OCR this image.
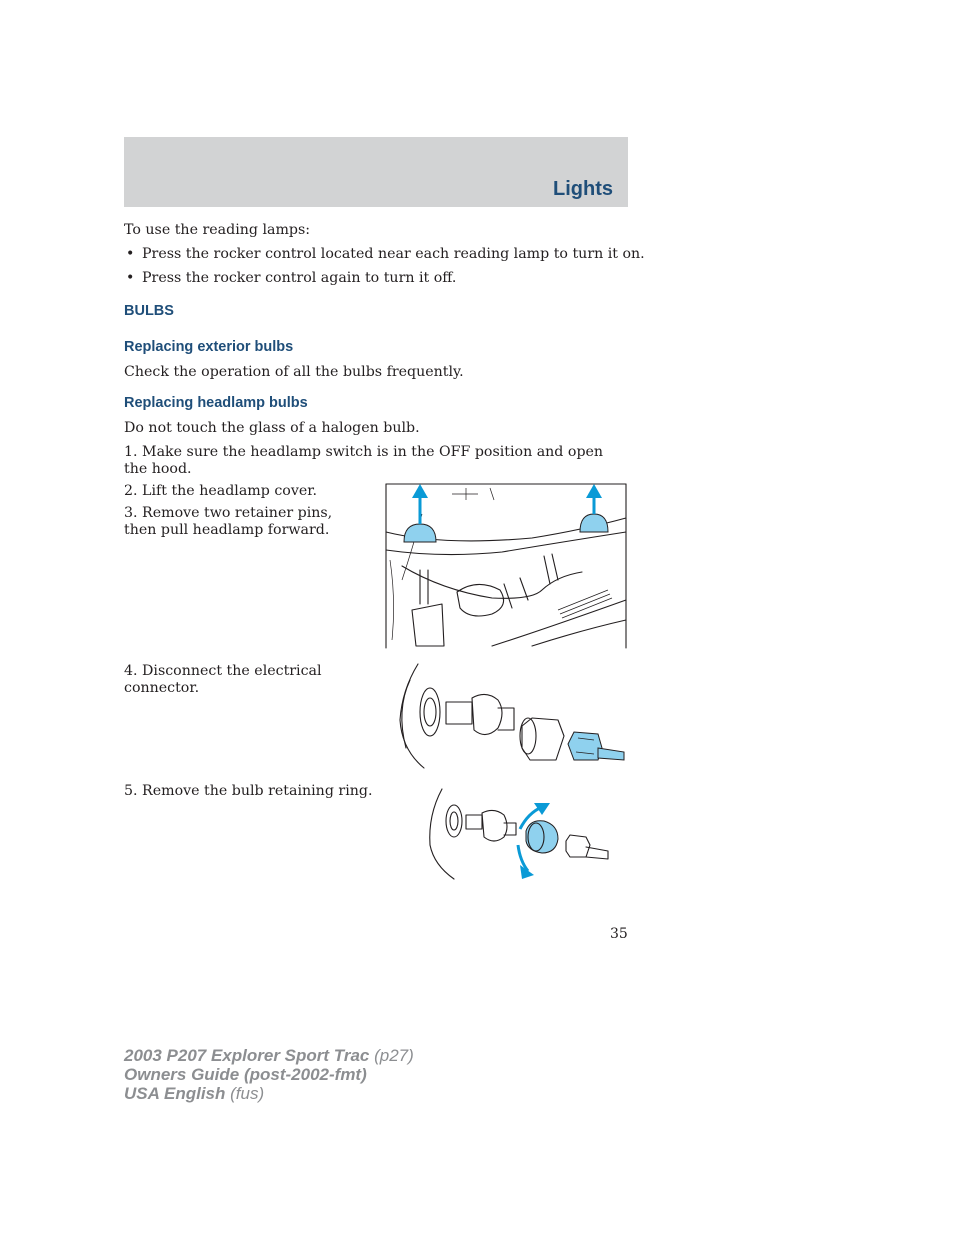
Lights
To use the reading lamps:
• Press the rocker control located near each reading lamp to turn it on.
• Press the rocker control again to turn it off.
BULBS
Replacing exterior bulbs
Check the operation of all the bulbs frequently.
Replacing headlamp bulbs
Do not touch the glass of a halogen bulb.
1. Make sure the headlamp switch is in the OFF position and open the hood.
2. Lift the headlamp cover.
3. Remove two retainer pins, then pull headlamp forward.
4. Disconnect the electrical connector.
5. Remove the bulb retaining ring.
35
2003 P207 Explorer Sport Trac (p27)
Owners Guide (post-2002-fmt)
USA English (fus)
